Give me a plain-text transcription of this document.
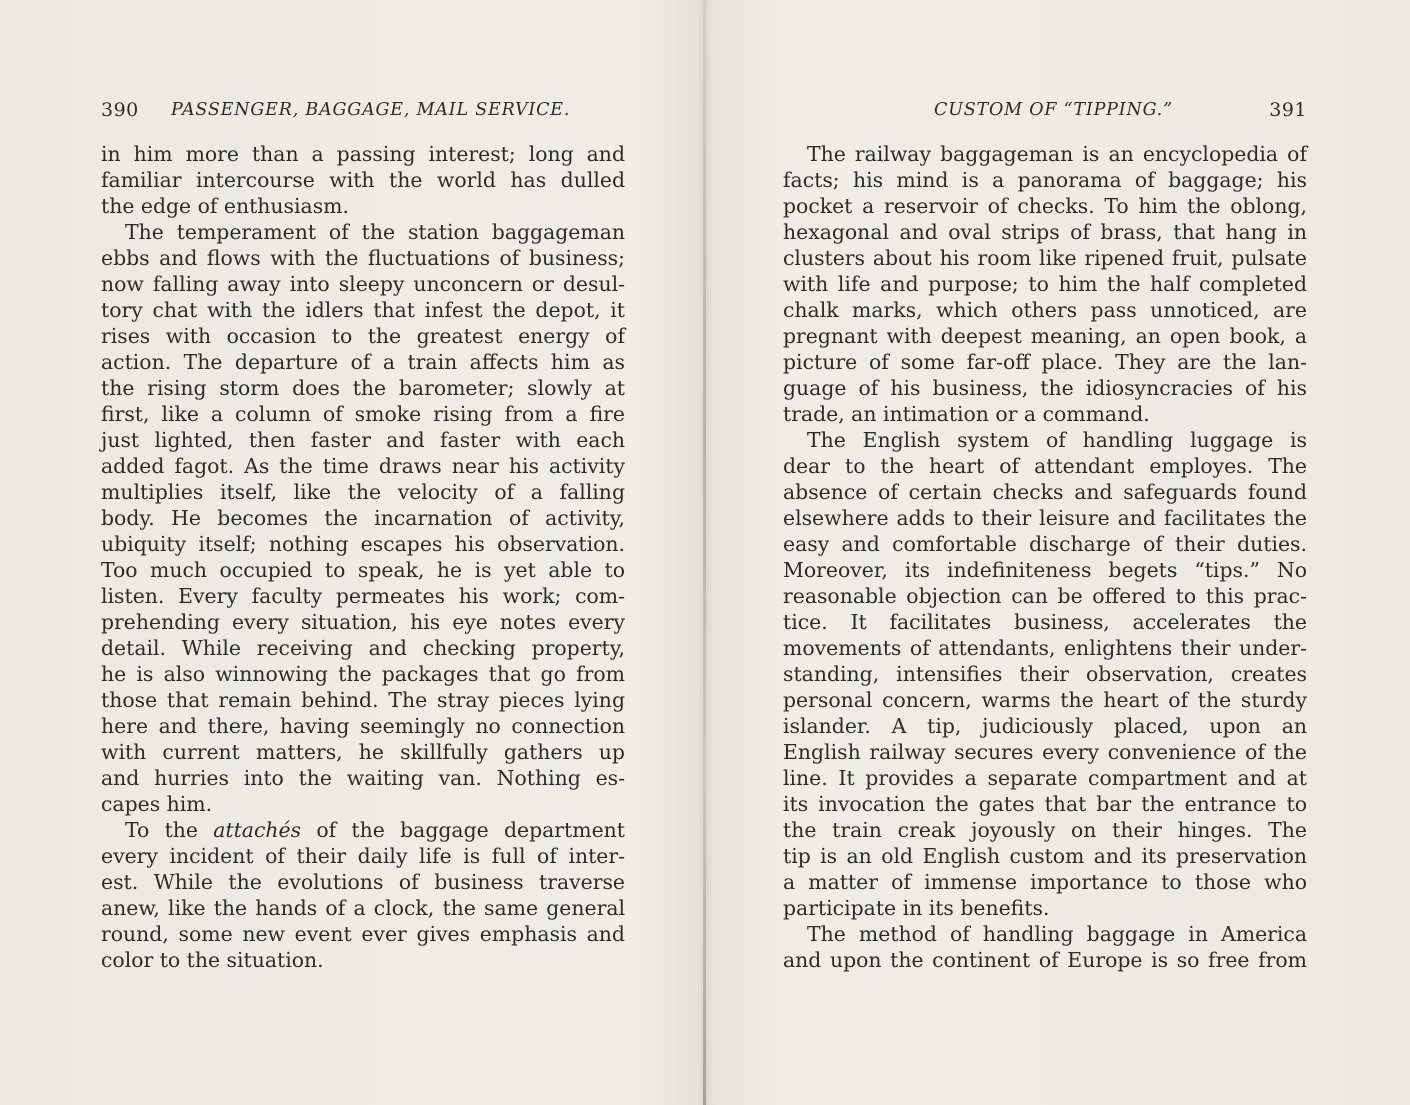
390 PASSENGER, BAGGAGE, MAIL SERVICE.
in him more than a passing interest; long and
familiar intercourse with the world has dulled
the edge of enthusiasm.
The temperament of the station baggageman
ebbs and flows with the fluctuations of business;
now falling away into sleepy unconcern or desul-
tory chat with the idlers that infest the depot, it
rises with occasion to the greatest energy of
action. The departure of a train affects him as
the rising storm does the barometer; slowly at
first, like a column of smoke rising from a fire
just lighted, then faster and faster with each
added fagot. As the time draws near his activity
multiplies itself, like the velocity of a falling
body. He becomes the incarnation of activity,
ubiquity itself; nothing escapes his observation.
Too much occupied to speak, he is yet able to
listen. Every faculty permeates his work; com-
prehending every situation, his eye notes every
detail. While receiving and checking property,
he is also winnowing the packages that go from
those that remain behind. The stray pieces lying
here and there, having seemingly no connection
with current matters, he skillfully gathers up
and hurries into the waiting van. Nothing es-
capes him.
To the attachés of the baggage department
every incident of their daily life is full of inter-
est. While the evolutions of business traverse
anew, like the hands of a clock, the same general
round, some new event ever gives emphasis and
color to the situation.
CUSTOM OF “TIPPING.”	391
The railway baggageman is an encyclopedia of
facts; his mind is a panorama of baggage; his
pocket a reservoir of checks. To him the oblong,
hexagonal and oval strips of brass, that hang in
clusters about his room like ripened fruit, pulsate
with life and purpose; to him the half completed
chalk marks, which others pass unnoticed, are
pregnant with deepest meaning, an open book, a
picture of some far-off place. They are the lan-
guage of his business, the idiosyncracies of his
trade, an intimation or a command.
The English system of handling luggage is
dear to the heart of attendant employes. The
absence of certain checks and safeguards found
elsewhere adds to their leisure and facilitates the
easy and comfortable discharge of their duties.
Moreover, its indefiniteness begets “tips.” No
reasonable objection can be offered to this prac-
tice. It facilitates business, accelerates the
movements of attendants, enlightens their under-
standing, intensifies their observation, creates
personal concern, warms the heart of the sturdy
islander. A tip, judiciously placed, upon an
English railway secures every convenience of the
line. It provides a separate compartment and at
its invocation the gates that bar the entrance to
the train creak joyously on their hinges. The
tip is an old English custom and its preservation
a matter of immense importance to those who
participate in its benefits.
The method of handling baggage in America
and upon the continent of Europe is so free from
